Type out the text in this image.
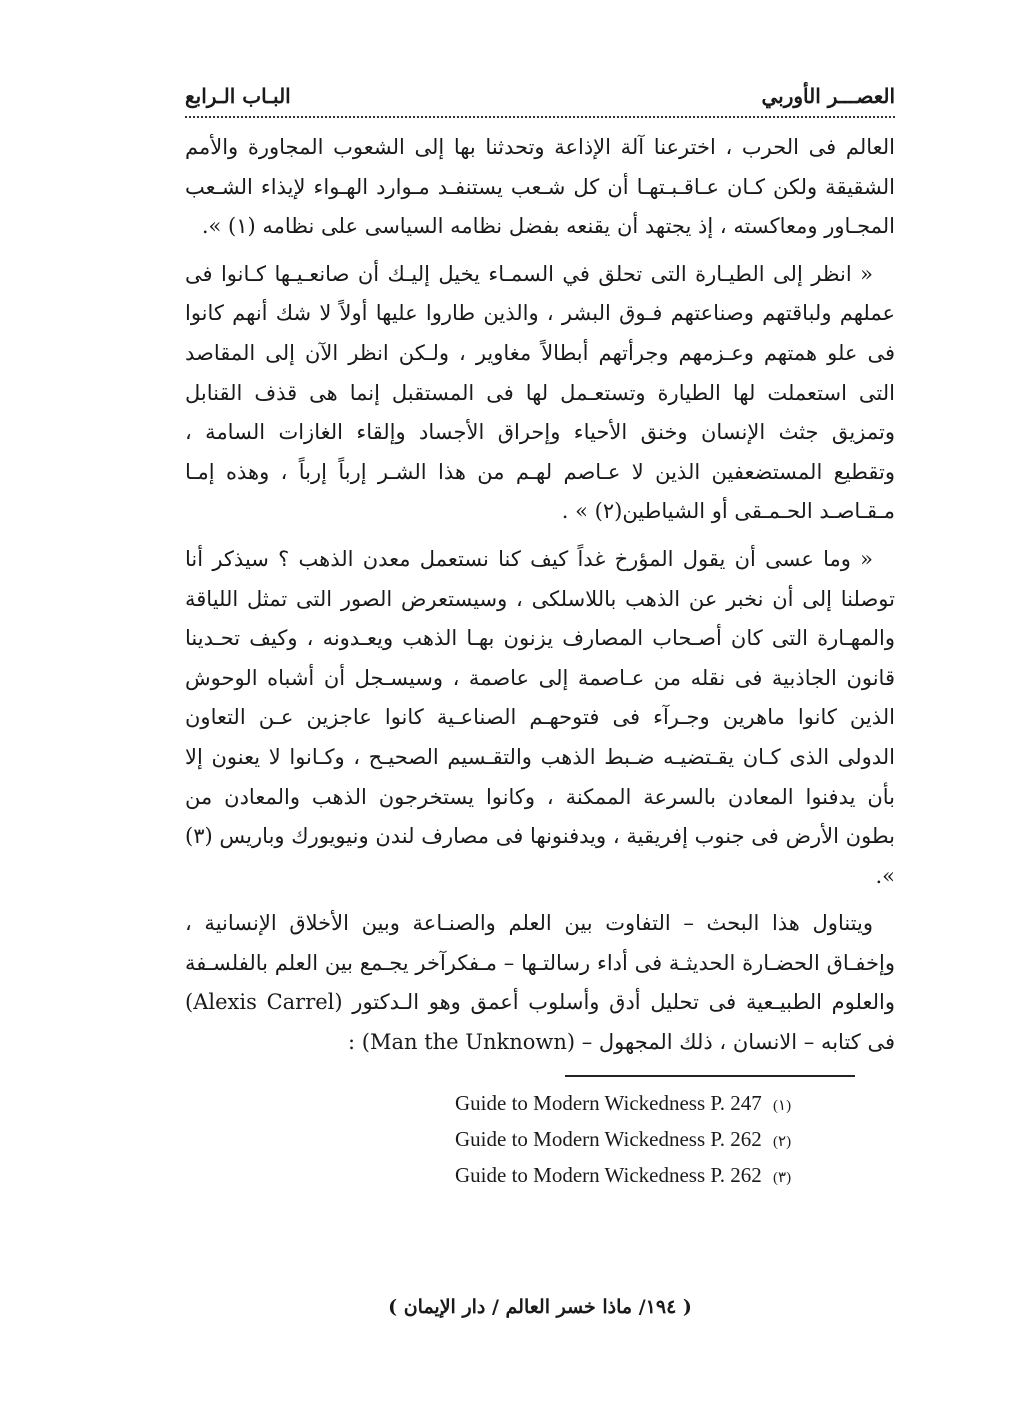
العصـــر الأوربي
البـاب الـرابع

العالم فى الحرب ، اخترعنا آلة الإذاعة وتحدثنا بها إلى الشعوب المجاورة والأمم الشقيقة ولكن كـان عـاقـبـتهـا أن كل شـعب يستنفـد مـوارد الهـواء لإيذاء الشـعب المجـاور ومعاكسته ، إذ يجتهد أن يقنعه بفضل نظامه السياسى على نظامه (١) ».

« انظر إلى الطيـارة التى تحلق في السمـاء يخيل إليـك أن صانعـيـها كـانوا فى عملهم ولباقتهم وصناعتهم فـوق البشر ، والذين طاروا عليها أولاً لا شك أنهم كانوا فى علو همتهم وعـزمهم وجرأتهم أبطالاً مغاوير ، ولـكن انظر الآن إلى المقاصد التى استعملت لها الطيارة وتستعـمل لها فى المستقبل إنما هى قذف القنابل وتمزيق جثث الإنسان وخنق الأحياء وإحراق الأجساد وإلقاء الغازات السامة ، وتقطيع المستضعفين الذين لا عـاصم لهـم من هذا الشـر إرباً إرباً ، وهذه إمـا مـقـاصـد الحـمـقى أو الشياطين(٢) » .

« وما عسى أن يقول المؤرخ غداً كيف كنا نستعمل معدن الذهب ؟ سيذكر أنا توصلنا إلى أن نخبر عن الذهب باللاسلكى ، وسيستعرض الصور التى تمثل اللياقة والمهـارة التى كان أصـحاب المصارف يزنون بهـا الذهب ويعـدونه ، وكيف تحـدينا قانون الجاذبية فى نقله من عـاصمة إلى عاصمة ، وسيسـجل أن أشباه الوحوش الذين كانوا ماهرين وجـرآء فى فتوحهـم الصناعـية كانوا عاجزين عـن التعاون الدولى الذى كـان يقـتضيـه ضـبط الذهب والتقـسيم الصحيـح ، وكـانوا لا يعنون إلا بأن يدفنوا المعادن بالسرعة الممكنة ، وكانوا يستخرجون الذهب والمعادن من بطون الأرض فى جنوب إفريقية ، ويدفنونها فى مصارف لندن ونيويورك وباريس (٣) ».

ويتناول هذا البحث – التفاوت بين العلم والصنـاعة وبين الأخلاق الإنسانية ، وإخفـاق الحضـارة الحديثـة فى أداء رسالتـها – مـفكرآخر يجـمع بين العلم بالفلسـفة والعلوم الطبيـعية فى تحليل أدق وأسلوب أعمق وهو الـدكتور (Alexis Carrel) فى كتابه – الانسان ، ذلك المجهول – (Man the Unknown) :

Guide to Modern Wickedness P. 247 (١)
Guide to Modern Wickedness P. 262 (٢)
Guide to Modern Wickedness P. 262 (٣)
( ١٩٤/ ماذا خسر العالم / دار الإيمان )
